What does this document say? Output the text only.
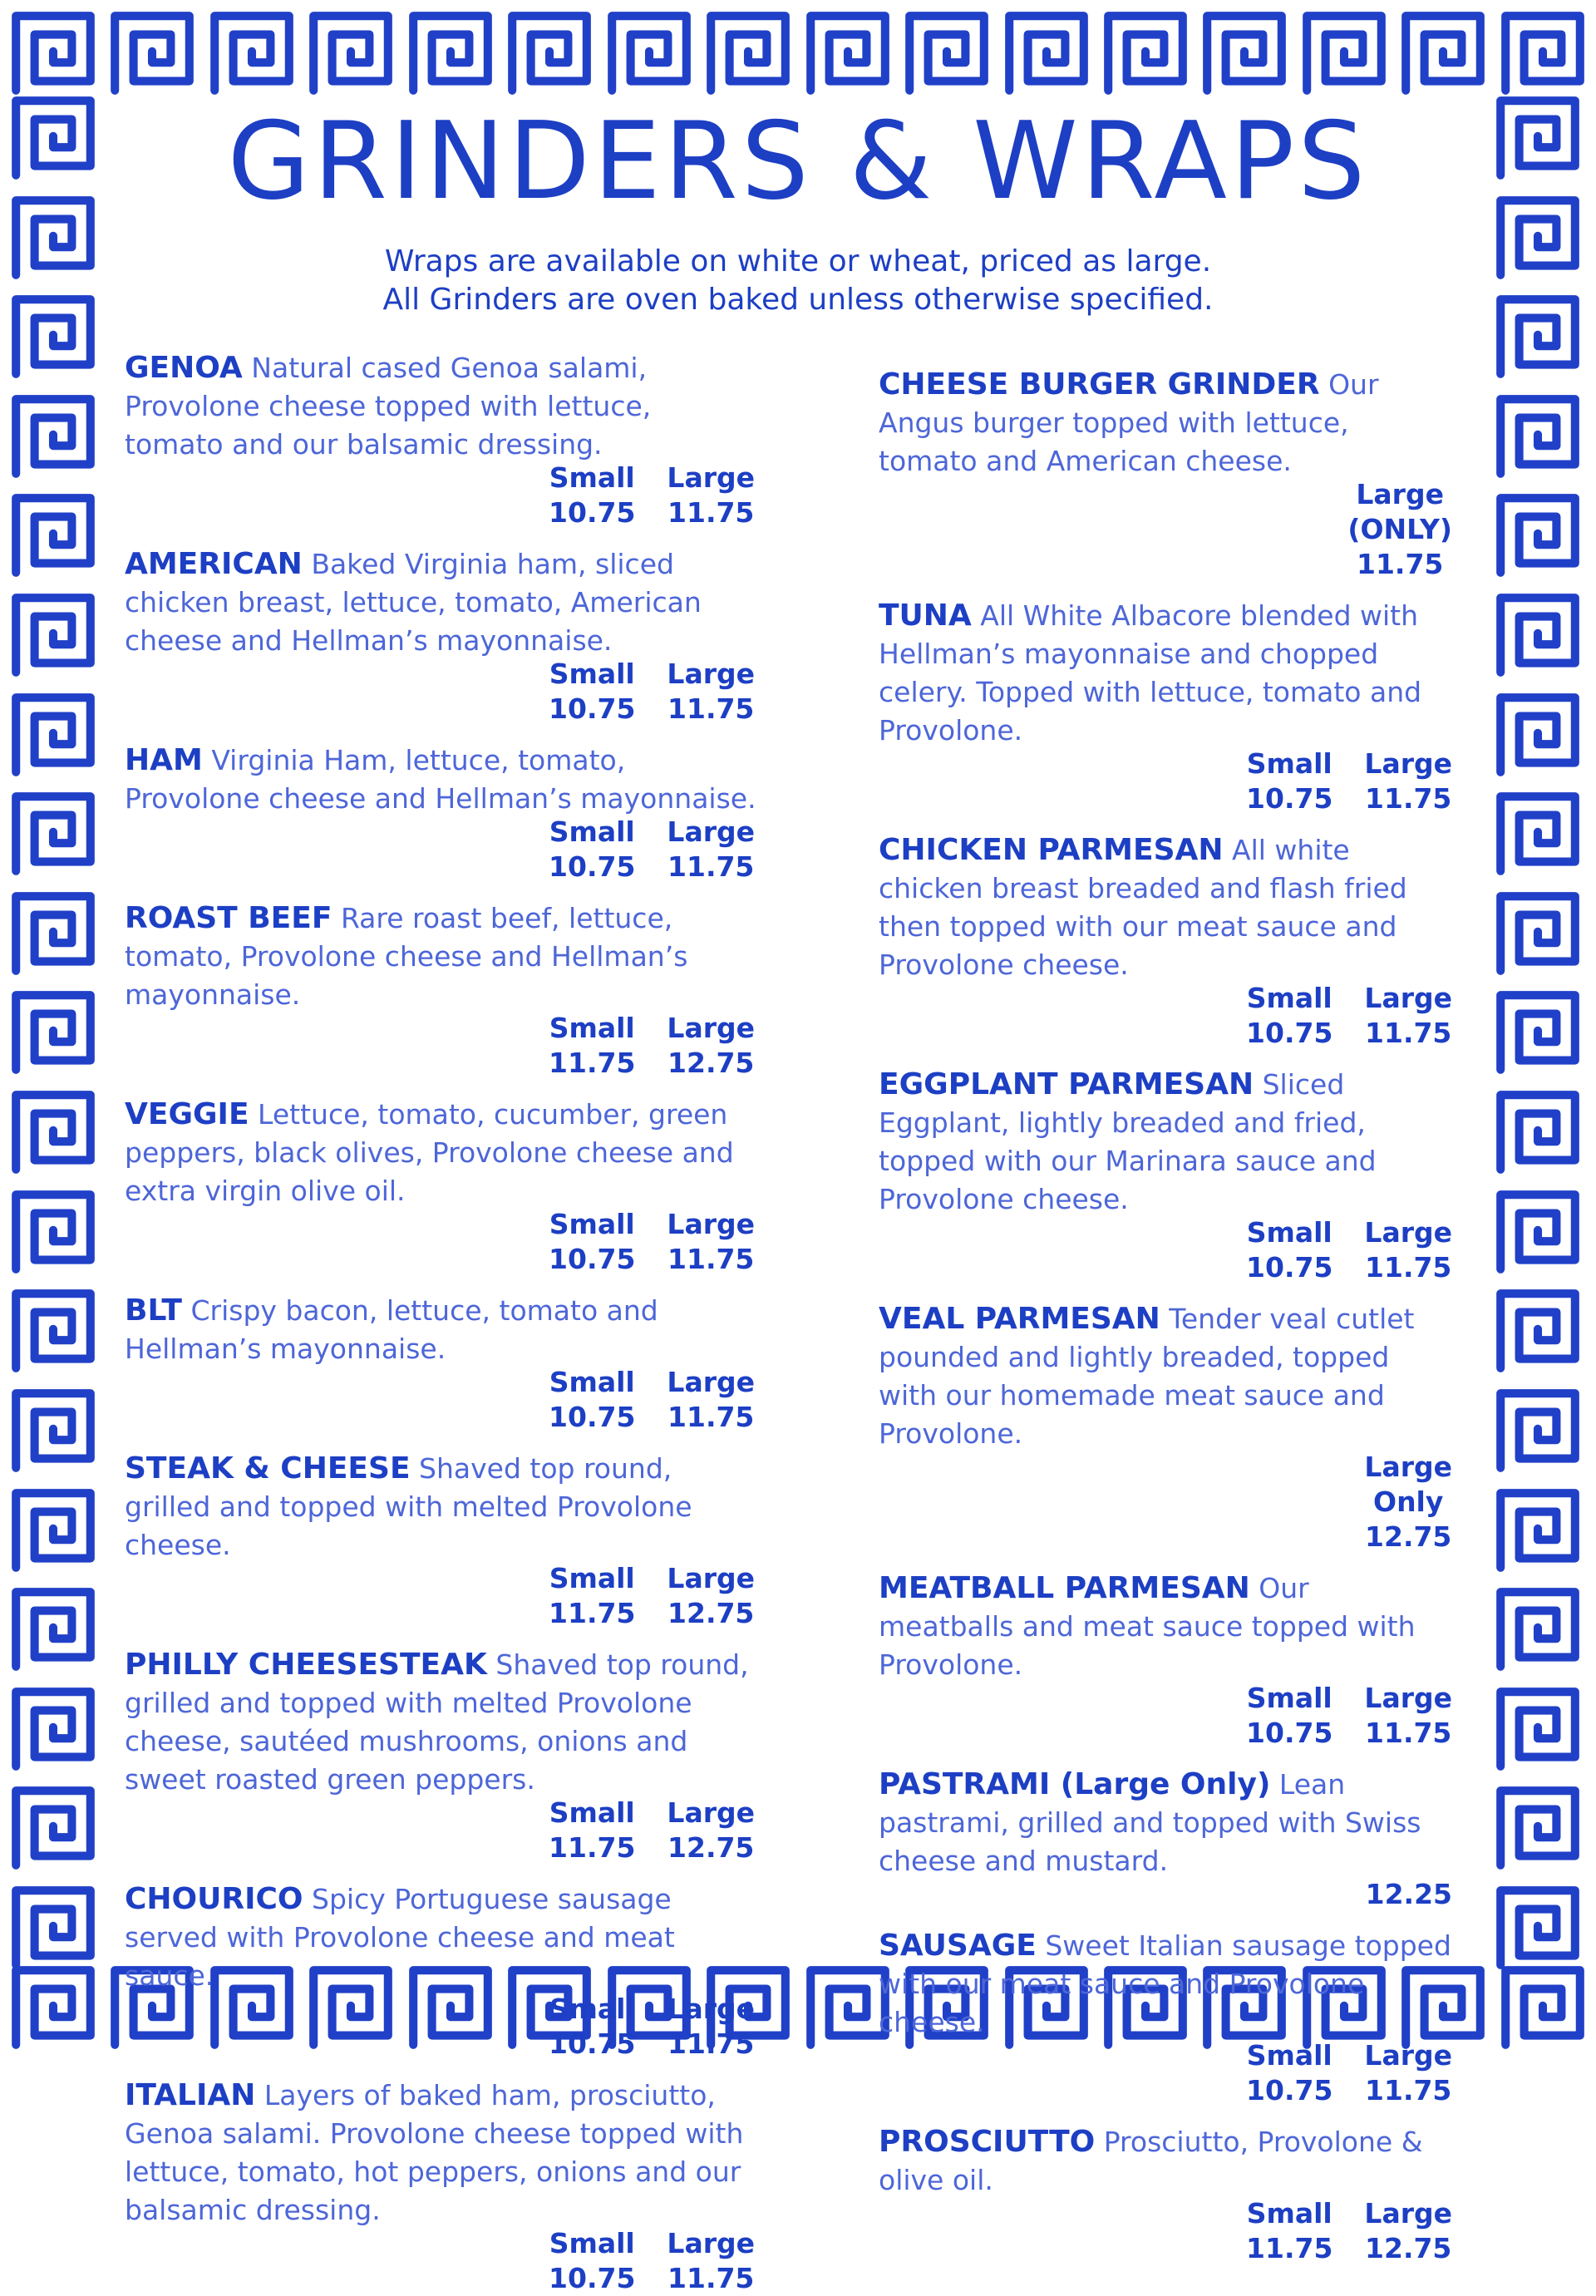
GRINDERS & WRAPS
Wraps are available on white or wheat, priced as large.
All Grinders are oven baked unless otherwise specified.
GENOA Natural cased Genoa salami, Provolone cheese topped with lettuce, tomato and our balsamic dressing.
Small
10.75
Large
11.75
AMERICAN Baked Virginia ham, sliced chicken breast, lettuce, tomato, American cheese and Hellman’s mayonnaise.
Small
10.75
Large
11.75
HAM Virginia Ham, lettuce, tomato, Provolone cheese and Hellman’s mayonnaise.
Small
10.75
Large
11.75
ROAST BEEF Rare roast beef, lettuce, tomato, Provolone cheese and Hellman’s mayonnaise.
Small
11.75
Large
12.75
VEGGIE Lettuce, tomato, cucumber, green peppers, black olives, Provolone cheese and extra virgin olive oil.
Small
10.75
Large
11.75
BLT Crispy bacon, lettuce, tomato and Hellman’s mayonnaise.
Small
10.75
Large
11.75
STEAK & CHEESE Shaved top round, grilled and topped with melted Provolone cheese.
Small
11.75
Large
12.75
PHILLY CHEESESTEAK Shaved top round, grilled and topped with melted Provolone cheese, sautéed mushrooms, onions and sweet roasted green peppers.
Small
11.75
Large
12.75
CHOURICO Spicy Portuguese sausage served with Provolone cheese and meat sauce.
Small
10.75
Large
11.75
ITALIAN Layers of baked ham, prosciutto, Genoa salami. Provolone cheese topped with lettuce, tomato, hot peppers, onions and our balsamic dressing.
Small
10.75
Large
11.75
CHEESE BURGER GRINDER Our Angus burger topped with lettuce, tomato and American cheese.
Large
(ONLY)
11.75
TUNA All White Albacore blended with Hellman’s mayonnaise and chopped celery. Topped with lettuce, tomato and Provolone.
Small
10.75
Large
11.75
CHICKEN PARMESAN All white chicken breast breaded and flash fried then topped with our meat sauce and Provolone cheese.
Small
10.75
Large
11.75
EGGPLANT PARMESAN Sliced Eggplant, lightly breaded and fried, topped with our Marinara sauce and Provolone cheese.
Small
10.75
Large
11.75
VEAL PARMESAN Tender veal cutlet pounded and lightly breaded, topped with our homemade meat sauce and Provolone.
Large
Only
12.75
MEATBALL PARMESAN Our meatballs and meat sauce topped with Provolone.
Small
10.75
Large
11.75
PASTRAMI (Large Only) Lean pastrami, grilled and topped with Swiss cheese and mustard.
12.25
SAUSAGE Sweet Italian sausage topped with our meat sauce and Provolone cheese.
Small
10.75
Large
11.75
PROSCIUTTO Prosciutto, Provolone & olive oil.
Small
11.75
Large
12.75
